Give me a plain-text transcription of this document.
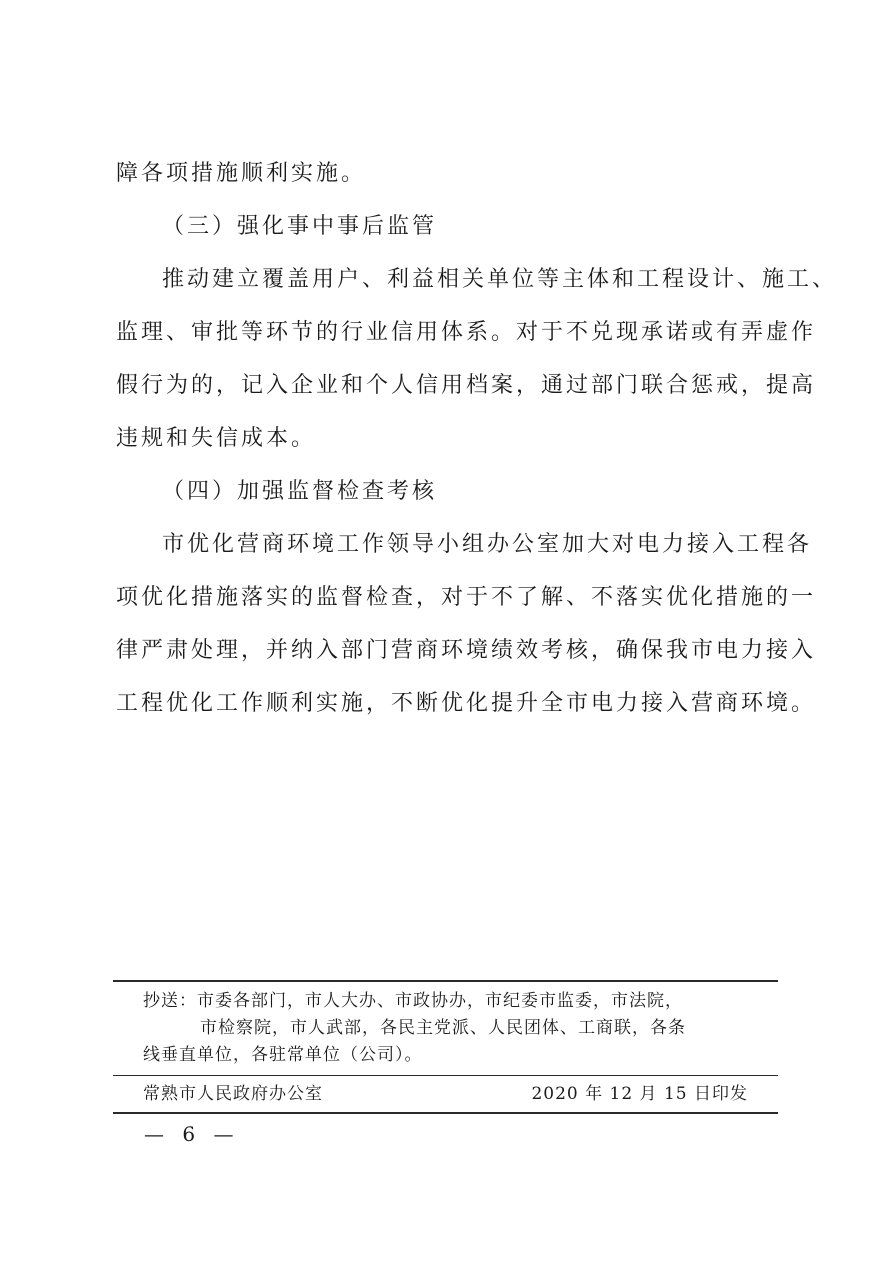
障各项措施顺利实施。
（三）强化事中事后监管
推动建立覆盖用户、利益相关单位等主体和工程设计、施工、
监理、审批等环节的行业信用体系。对于不兑现承诺或有弄虚作
假行为的，记入企业和个人信用档案，通过部门联合惩戒，提高
违规和失信成本。
（四）加强监督检查考核
市优化营商环境工作领导小组办公室加大对电力接入工程各
项优化措施落实的监督检查，对于不了解、不落实优化措施的一
律严肃处理，并纳入部门营商环境绩效考核，确保我市电力接入
工程优化工作顺利实施，不断优化提升全市电力接入营商环境。
抄送：市委各部门，市人大办、市政协办，市纪委市监委，市法院，
市检察院，市人武部，各民主党派、人民团体、工商联，各条
线垂直单位，各驻常单位（公司）。
常熟市人民政府办公室	2020 年 12 月 15 日印发
— 6 —
